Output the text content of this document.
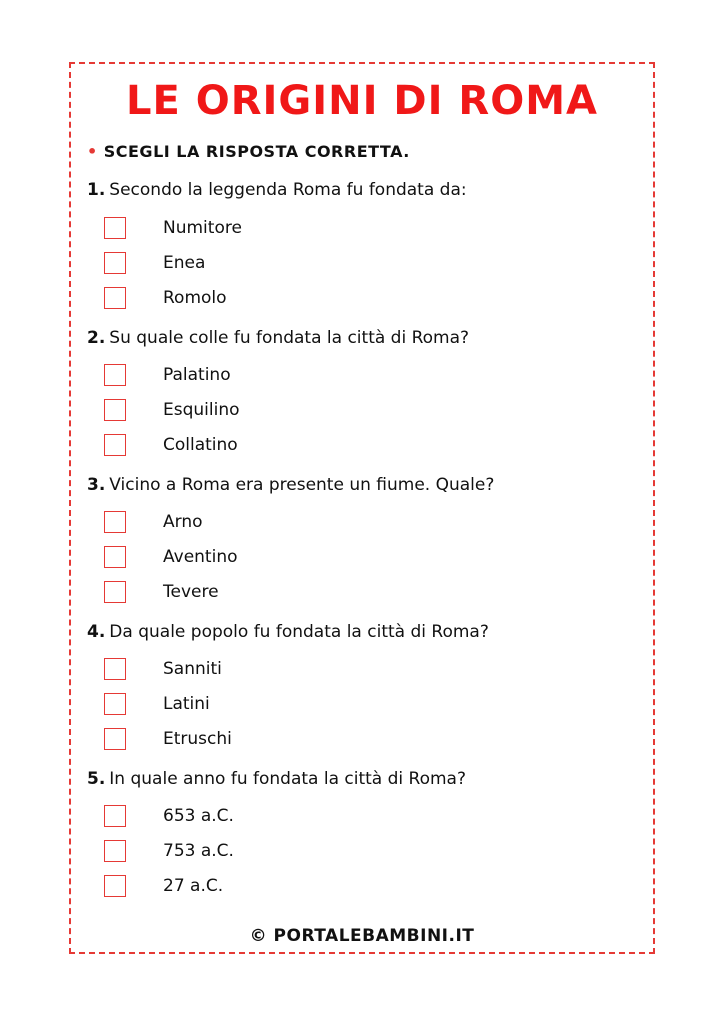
LE ORIGINI DI ROMA
• SCEGLI LA RISPOSTA CORRETTA.
1. Secondo la leggenda Roma fu fondata da:
Numitore
Enea
Romolo
2. Su quale colle fu fondata la città di Roma?
Palatino
Esquilino
Collatino
3. Vicino a Roma era presente un fiume. Quale?
Arno
Aventino
Tevere
4. Da quale popolo fu fondata la città di Roma?
Sanniti
Latini
Etruschi
5. In quale anno fu fondata la città di Roma?
653 a.C.
753 a.C.
27 a.C.
© PORTALEBAMBINI.IT
